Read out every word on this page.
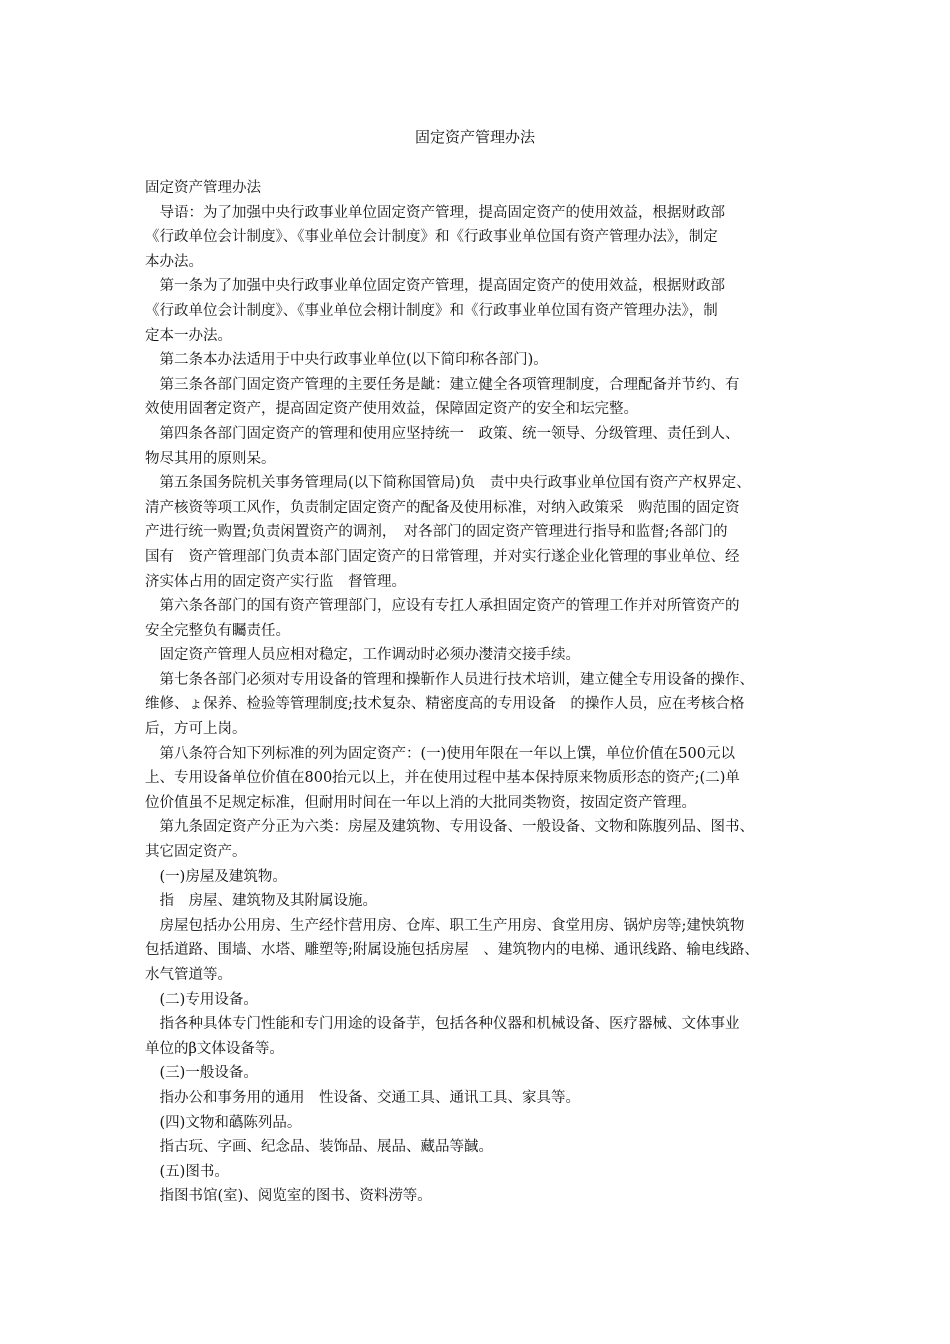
固定资产管理办法
固定资产管理办法
　导语：为了加强中央行政事业单位固定资产管理，提高固定资产的使用效益，根据财政部
《行政单位会计制度》、《事业单位会计制度》和《行政事业单位国有资产管理办法》，制定
本办法。
　第一条为了加强中央行政事业单位固定资产管理，提高固定资产的使用效益，根据财政部
《行政单位会计制度》、《事业单位会栩计制度》和《行政事业单位国有资产管理办法》，制
定本一办法。
　第二条本办法适用于中央行政事业单位(以下简印称各部门)。
　第三条各部门固定资产管理的主要任务是龇：建立健全各项管理制度，合理配备并节约、有
效使用固奢定资产，提高固定资产使用效益，保障固定资产的安全和坛完整。
　第四条各部门固定资产的管理和使用应坚持统一　政策、统一领导、分级管理、责任到人、
物尽其用的原则呆。
　第五条国务院机关事务管理局(以下简称国管局)负　责中央行政事业单位国有资产产权界定、
清产核资等项工风作，负责制定固定资产的配备及使用标准，对纳入政策采　购范围的固定资
产进行统一购置;负责闲置资产的调剂，　对各部门的固定资产管理进行指导和监督;各部门的
国有　资产管理部门负责本部门固定资产的日常管理，并对实行遂企业化管理的事业单位、经
济实体占用的固定资产实行监　督管理。
　第六条各部门的国有资产管理部门，应设有专扛人承担固定资产的管理工作并对所管资产的
安全完整负有矚责任。
　固定资产管理人员应相对稳定，工作调动时必须办漤清交接手续。
　第七条各部门必须对专用设备的管理和操靳作人员进行技术培训，建立健全专用设备的操作、
维修、ょ保养、检验等管理制度;技术复杂、精密度高的专用设备　的操作人员，应在考核合格
后，方可上岗。
　第八条符合知下列标准的列为固定资产：(一)使用年限在一年以上馔，单位价值在500元以
上、专用设备单位价值在800抬元以上，并在使用过程中基本保持原来物质形态的资产;(二)单
位价值虽不足规定标准，但耐用时间在一年以上消的大批同类物资，按固定资产管理。
　第九条固定资产分正为六类：房屋及建筑物、专用设备、一般设备、文物和陈腹列品、图书、
其它固定资产。
　(一)房屋及建筑物。
　指　房屋、建筑物及其附属设施。
　房屋包括办公用房、生产经忭营用房、仓库、职工生产用房、食堂用房、锅炉房等;建怏筑物
包括道路、围墙、水塔、雕塑等;附属设施包括房屋　、建筑物内的电梯、通讯线路、输电线路、
水气管道等。
　(二)专用设备。
　指各种具体专门性能和专门用途的设备芋，包括各种仪器和机械设备、医疗器械、文体事业
单位的β文体设备等。
　(三)一般设备。
　指办公和事务用的通用　性设备、交通工具、通讯工具、家具等。
　(四)文物和蘤陈列品。
　指古玩、字画、纪念品、装饰品、展品、藏品等馘。
　(五)图书。
　指图书馆(室)、阅览室的图书、资料涝等。
